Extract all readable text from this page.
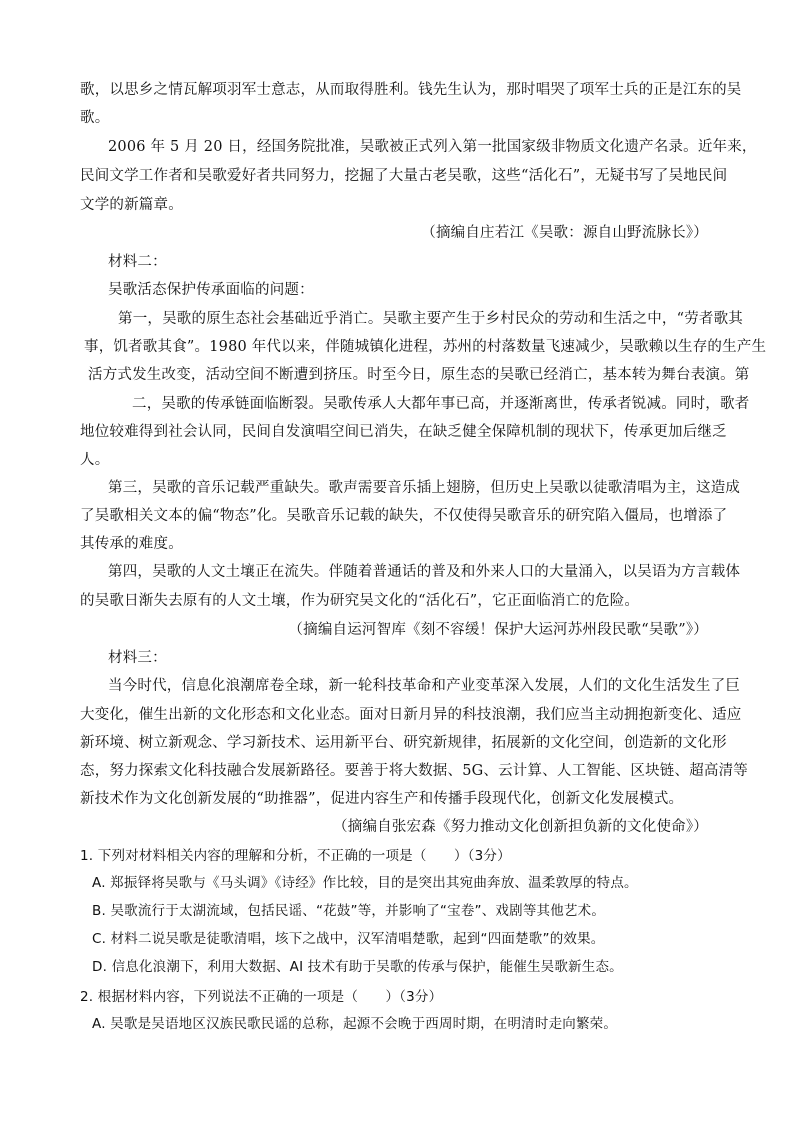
歌，以思乡之情瓦解项羽军士意志，从而取得胜利。钱先生认为，那时唱哭了项军士兵的正是江东的吴
歌。
2006 年 5 月 20 日，经国务院批准，吴歌被正式列入第一批国家级非物质文化遗产名录。近年来，
民间文学工作者和吴歌爱好者共同努力，挖掘了大量古老吴歌，这些“活化石”，无疑书写了吴地民间
文学的新篇章。
（摘编自庄若江《吴歌：源自山野流脉长》）
材料二：
吴歌活态保护传承面临的问题：
第一，吴歌的原生态社会基础近乎消亡。吴歌主要产生于乡村民众的劳动和生活之中，“劳者歌其
事，饥者歌其食”。1980 年代以来，伴随城镇化进程，苏州的村落数量飞速减少，吴歌赖以生存的生产生
活方式发生改变，活动空间不断遭到挤压。时至今日，原生态的吴歌已经消亡，基本转为舞台表演。第
二，吴歌的传承链面临断裂。吴歌传承人大都年事已高，并逐渐离世，传承者锐减。同时，歌者
地位较难得到社会认同，民间自发演唱空间已消失，在缺乏健全保障机制的现状下，传承更加后继乏
人。
第三，吴歌的音乐记载严重缺失。歌声需要音乐插上翅膀，但历史上吴歌以徒歌清唱为主，这造成
了吴歌相关文本的偏“物态”化。吴歌音乐记载的缺失，不仅使得吴歌音乐的研究陷入僵局，也增添了
其传承的难度。
第四，吴歌的人文土壤正在流失。伴随着普通话的普及和外来人口的大量涌入，以吴语为方言载体
的吴歌日渐失去原有的人文土壤，作为研究吴文化的“活化石”，它正面临消亡的危险。
（摘编自运河智库《刻不容缓！保护大运河苏州段民歌“吴歌”》）
材料三：
当今时代，信息化浪潮席卷全球，新一轮科技革命和产业变革深入发展，人们的文化生活发生了巨
大变化，催生出新的文化形态和文化业态。面对日新月异的科技浪潮，我们应当主动拥抱新变化、适应
新环境、树立新观念、学习新技术、运用新平台、研究新规律，拓展新的文化空间，创造新的文化形
态，努力探索文化科技融合发展新路径。要善于将大数据、5G、云计算、人工智能、区块链、超高清等
新技术作为文化创新发展的“助推器”，促进内容生产和传播手段现代化，创新文化发展模式。
（摘编自张宏森《努力推动文化创新担负新的文化使命》）
1. 下列对材料相关内容的理解和分析，不正确的一项是（　　）（3分）
A. 郑振铎将吴歌与《马头调》《诗经》作比较，目的是突出其宛曲奔放、温柔敦厚的特点。
B. 吴歌流行于太湖流域，包括民谣、“花鼓”等，并影响了“宝卷”、戏剧等其他艺术。
C. 材料二说吴歌是徒歌清唱，垓下之战中，汉军清唱楚歌，起到“四面楚歌”的效果。
D. 信息化浪潮下，利用大数据、AI 技术有助于吴歌的传承与保护，能催生吴歌新生态。
2. 根据材料内容，下列说法不正确的一项是（　　）（3分）
A. 吴歌是吴语地区汉族民歌民谣的总称，起源不会晚于西周时期，在明清时走向繁荣。
